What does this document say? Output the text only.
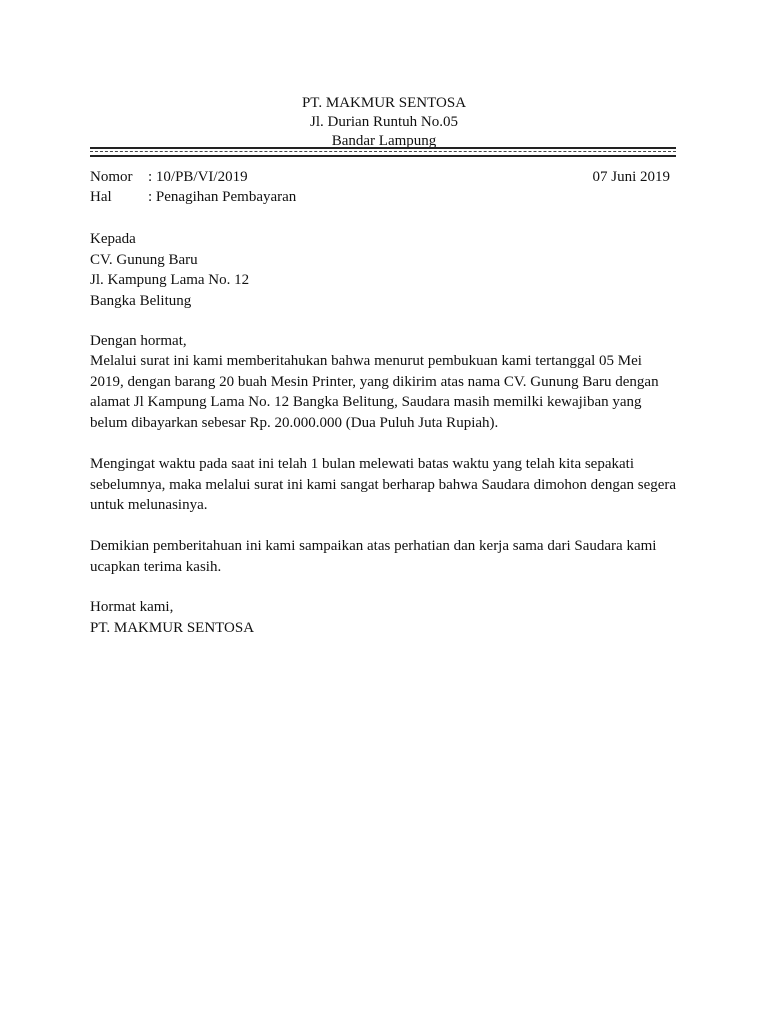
PT. MAKMUR SENTOSA
Jl. Durian Runtuh No.05
Bandar Lampung
Nomor : 10/PB/VI/2019	07 Juni 2019
Hal : Penagihan Pembayaran

Kepada

CV. Gunung Baru

Jl. Kampung Lama No. 12

Bangka Belitung

Dengan hormat,

Melalui surat ini kami memberitahukan bahwa menurut pembukuan kami tertanggal 05 Mei 2019, dengan barang 20 buah Mesin Printer, yang dikirim atas nama CV. Gunung Baru dengan alamat Jl Kampung Lama No. 12 Bangka Belitung, Saudara masih memilki kewajiban yang belum dibayarkan sebesar Rp. 20.000.000 (Dua Puluh Juta Rupiah).

Mengingat waktu pada saat ini telah 1 bulan melewati batas waktu yang telah kita sepakati sebelumnya, maka melalui surat ini kami sangat berharap bahwa Saudara dimohon dengan segera untuk melunasinya.

Demikian pemberitahuan ini kami sampaikan atas perhatian dan kerja sama dari Saudara kami ucapkan terima kasih.

Hormat kami,

PT. MAKMUR SENTOSA
